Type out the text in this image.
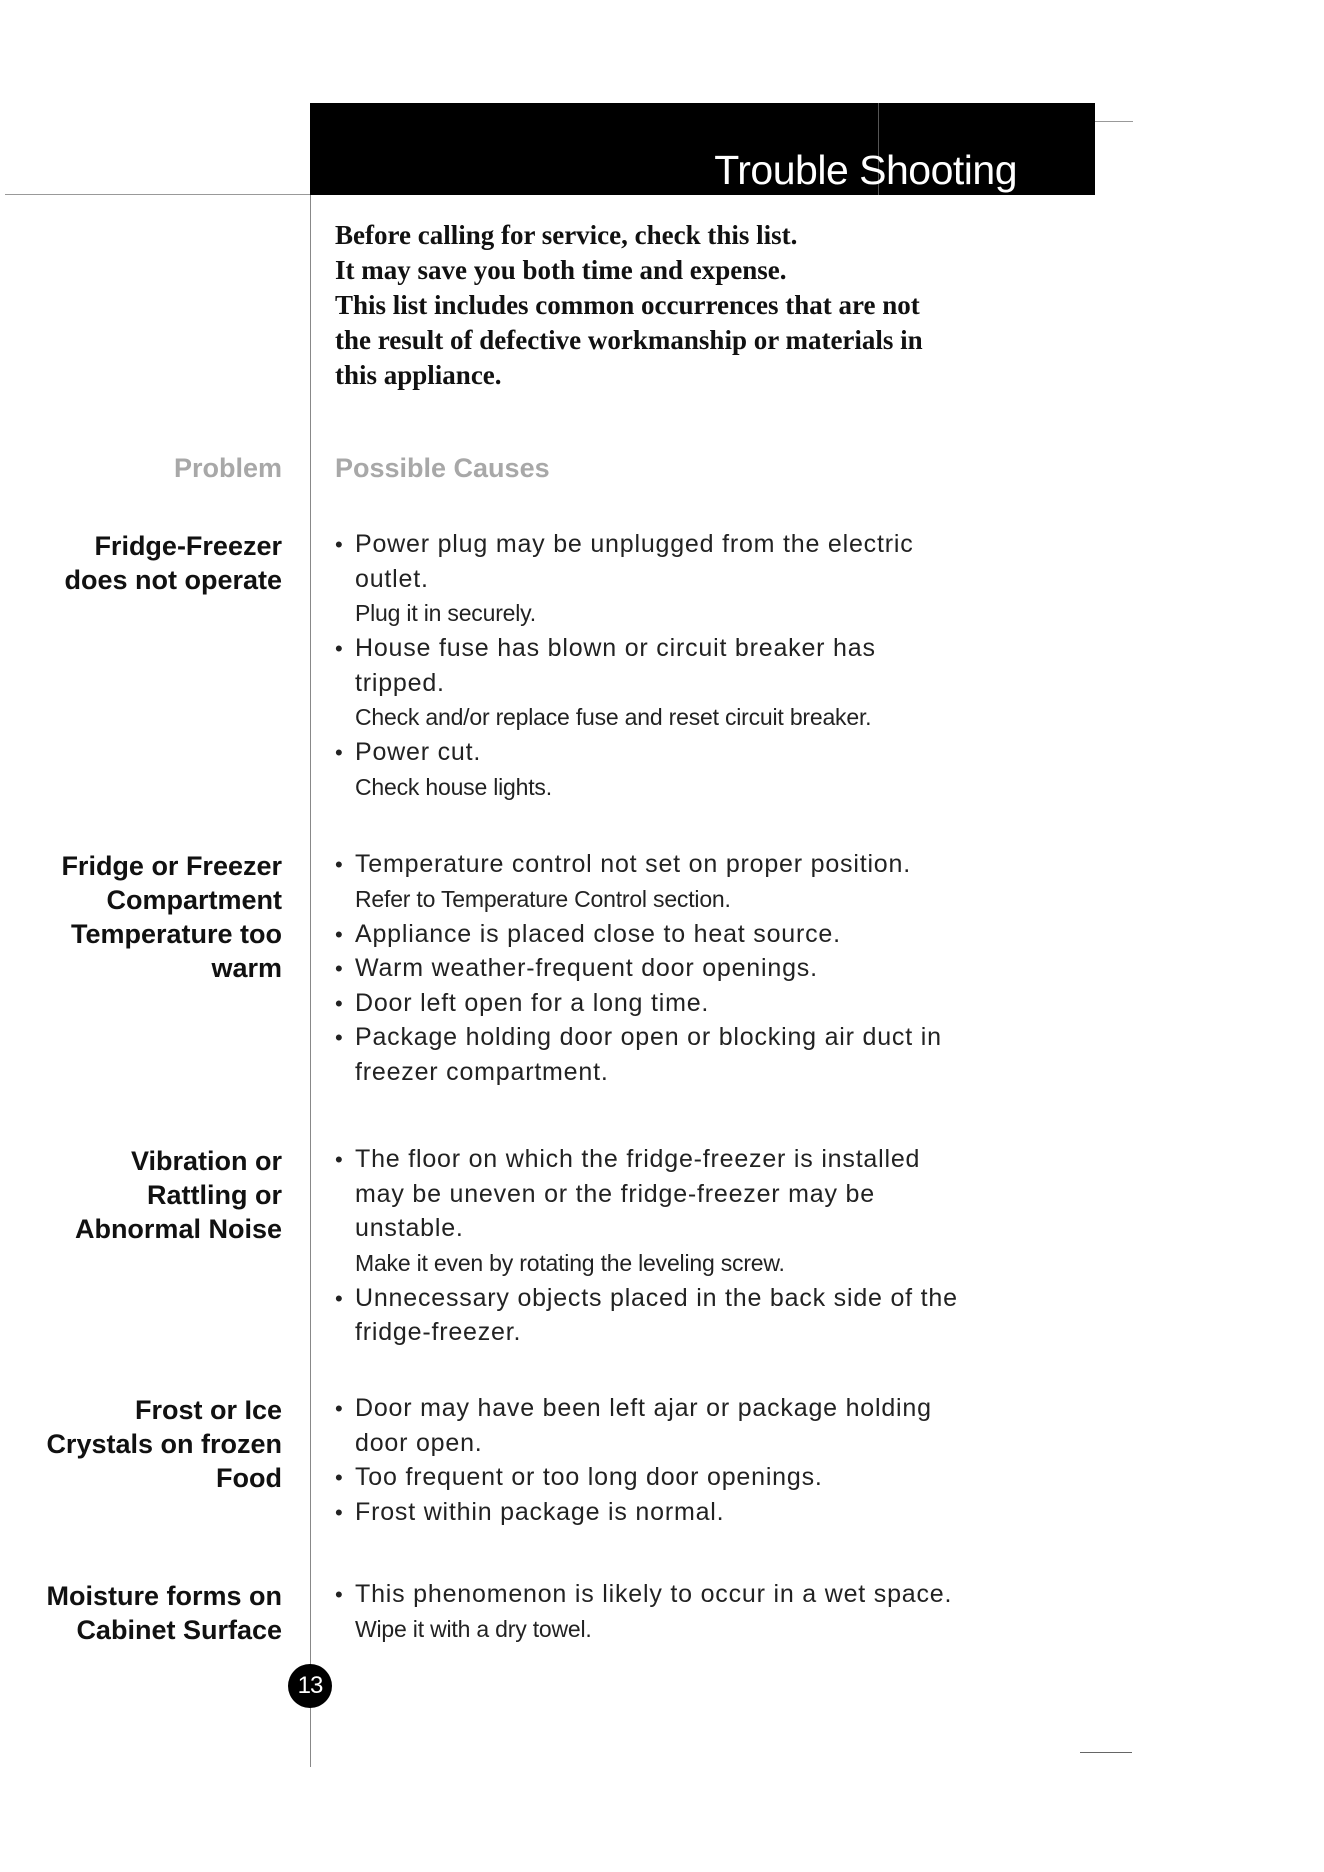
Trouble Shooting
13
Before calling for service, check this list.
It may save you both time and expense.
This list includes common occurrences that are not
the result of defective workmanship or materials in
this appliance.
Problem Possible Causes
Fridge-Freezer
does not operate
• Power plug may be unplugged from the electric
outlet.
Plug it in securely.
• House fuse has blown or circuit breaker has
tripped.
Check and/or replace fuse and reset circuit breaker.
• Power cut.
Check house lights.
Fridge or Freezer
Compartment
Temperature too
warm
• Temperature control not set on proper position.
Refer to Temperature Control section.
• Appliance is placed close to heat source.
• Warm weather-frequent door openings.
• Door left open for a long time.
• Package holding door open or blocking air duct in
freezer compartment.
Vibration or
Rattling or
Abnormal Noise
• The floor on which the fridge-freezer is installed
may be uneven or the fridge-freezer may be
unstable.
Make it even by rotating the leveling screw.
• Unnecessary objects placed in the back side of the
fridge-freezer.
Frost or Ice
Crystals on frozen
Food
• Door may have been left ajar or package holding
door open.
• Too frequent or too long door openings.
• Frost within package is normal.
Moisture forms on
Cabinet Surface
• This phenomenon is likely to occur in a wet space.
Wipe it with a dry towel.
